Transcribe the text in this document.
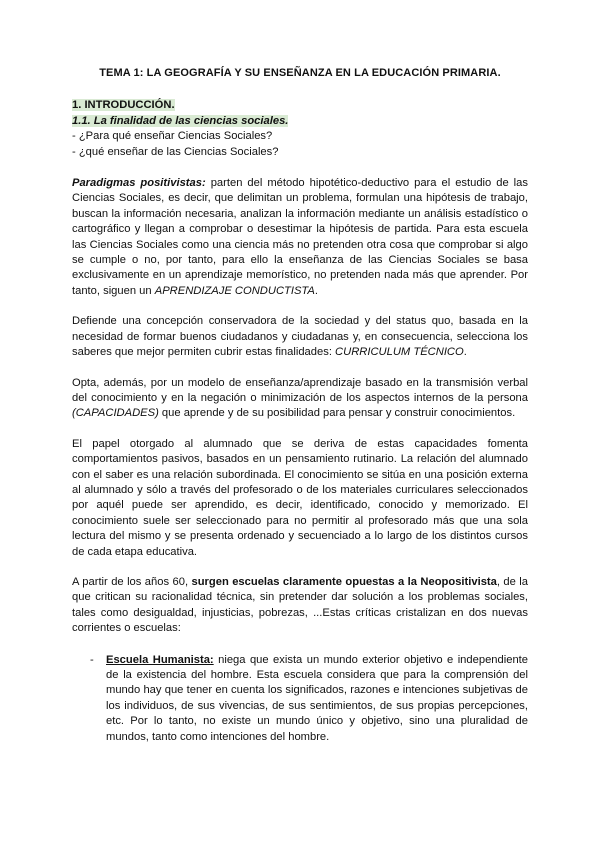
TEMA 1: LA GEOGRAFÍA Y SU ENSEÑANZA EN LA EDUCACIÓN PRIMARIA.
1. INTRODUCCIÓN.
1.1. La finalidad de las ciencias sociales.
- ¿Para qué enseñar Ciencias Sociales?
- ¿qué enseñar de las Ciencias Sociales?

Paradigmas positivistas: parten del método hipotético-deductivo para el estudio de las Ciencias Sociales, es decir, que delimitan un problema, formulan una hipótesis de trabajo, buscan la información necesaria, analizan la información mediante un análisis estadístico o cartográfico y llegan a comprobar o desestimar la hipótesis de partida. Para esta escuela las Ciencias Sociales como una ciencia más no pretenden otra cosa que comprobar si algo se cumple o no, por tanto, para ello la enseñanza de las Ciencias Sociales se basa exclusivamente en un aprendizaje memorístico, no pretenden nada más que aprender. Por tanto, siguen un APRENDIZAJE CONDUCTISTA.

Defiende una concepción conservadora de la sociedad y del status quo, basada en la necesidad de formar buenos ciudadanos y ciudadanas y, en consecuencia, selecciona los saberes que mejor permiten cubrir estas finalidades: CURRICULUM TÉCNICO.

Opta, además, por un modelo de enseñanza/aprendizaje basado en la transmisión verbal del conocimiento y en la negación o minimización de los aspectos internos de la persona (CAPACIDADES) que aprende y de su posibilidad para pensar y construir conocimientos.

El papel otorgado al alumnado que se deriva de estas capacidades fomenta comportamientos pasivos, basados en un pensamiento rutinario. La relación del alumnado con el saber es una relación subordinada. El conocimiento se sitúa en una posición externa al alumnado y sólo a través del profesorado o de los materiales curriculares seleccionados por aquél puede ser aprendido, es decir, identificado, conocido y memorizado. El conocimiento suele ser seleccionado para no permitir al profesorado más que una sola lectura del mismo y se presenta ordenado y secuenciado a lo largo de los distintos cursos de cada etapa educativa.

A partir de los años 60, surgen escuelas claramente opuestas a la Neopositivista, de la que critican su racionalidad técnica, sin pretender dar solución a los problemas sociales, tales como desigualdad, injusticias, pobrezas, ...Estas críticas cristalizan en dos nuevas corrientes o escuelas:

- Escuela Humanista: niega que exista un mundo exterior objetivo e independiente de la existencia del hombre. Esta escuela considera que para la comprensión del mundo hay que tener en cuenta los significados, razones e intenciones subjetivas de los individuos, de sus vivencias, de sus sentimientos, de sus propias percepciones, etc. Por lo tanto, no existe un mundo único y objetivo, sino una pluralidad de mundos, tanto como intenciones del hombre.
